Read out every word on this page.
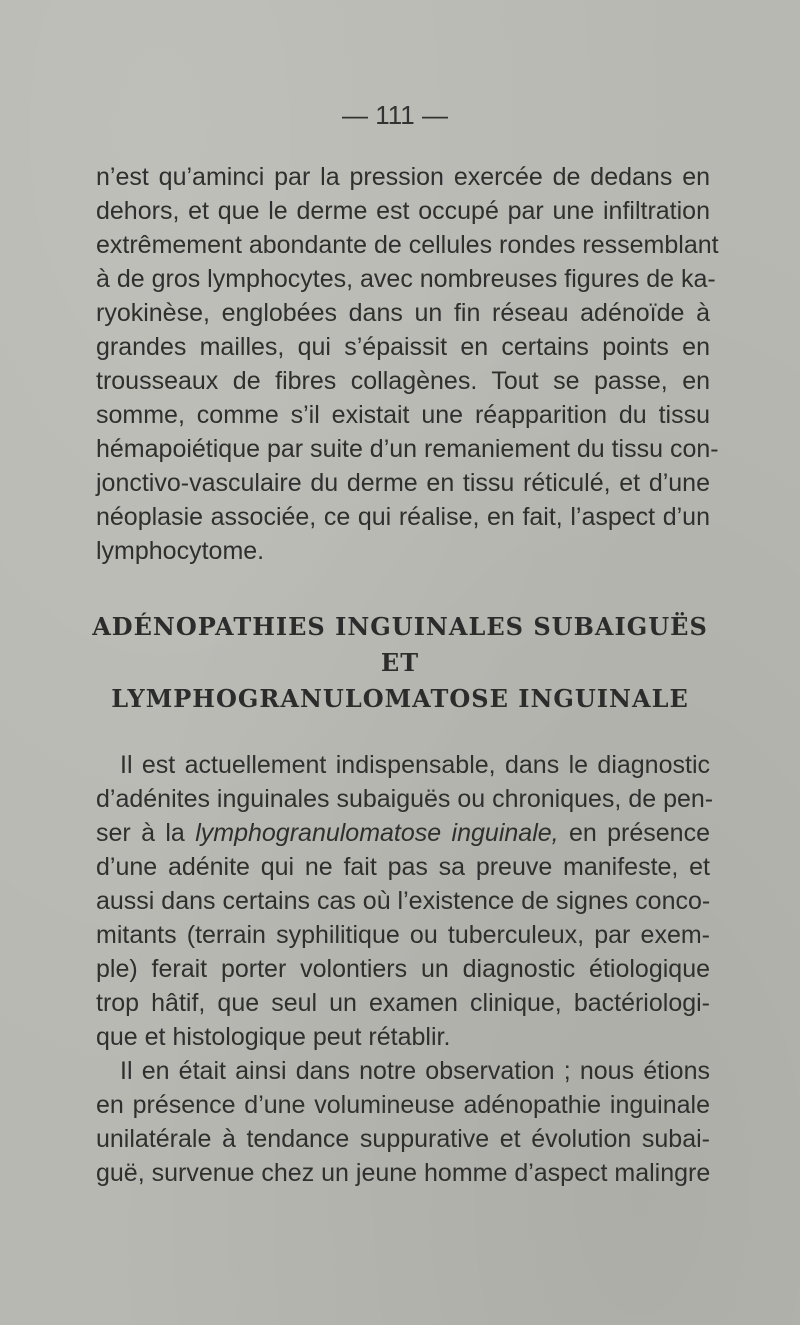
— 111 —
n’est qu’aminci par la pression exercée de dedans en
dehors, et que le derme est occupé par une infiltration
extrêmement abondante de cellules rondes ressemblant
à de gros lymphocytes, avec nombreuses figures de ka-
ryokinèse, englobées dans un fin réseau adénoïde à
grandes mailles, qui s’épaissit en certains points en
trousseaux de fibres collagènes. Tout se passe, en
somme, comme s’il existait une réapparition du tissu
hémapoiétique par suite d’un remaniement du tissu con-
jonctivo-vasculaire du derme en tissu réticulé, et d’une
néoplasie associée, ce qui réalise, en fait, l’aspect d’un
lymphocytome.
ADÉNOPATHIES INGUINALES SUBAIGUËS
ET
LYMPHOGRANULOMATOSE INGUINALE
Il est actuellement indispensable, dans le diagnostic
d’adénites inguinales subaiguës ou chroniques, de pen-
ser à la lymphogranulomatose inguinale, en présence
d’une adénite qui ne fait pas sa preuve manifeste, et
aussi dans certains cas où l’existence de signes conco-
mitants (terrain syphilitique ou tuberculeux, par exem-
ple) ferait porter volontiers un diagnostic étiologique
trop hâtif, que seul un examen clinique, bactériologi-
que et histologique peut rétablir.
Il en était ainsi dans notre observation ; nous étions
en présence d’une volumineuse adénopathie inguinale
unilatérale à tendance suppurative et évolution subai-
guë, survenue chez un jeune homme d’aspect malingre
